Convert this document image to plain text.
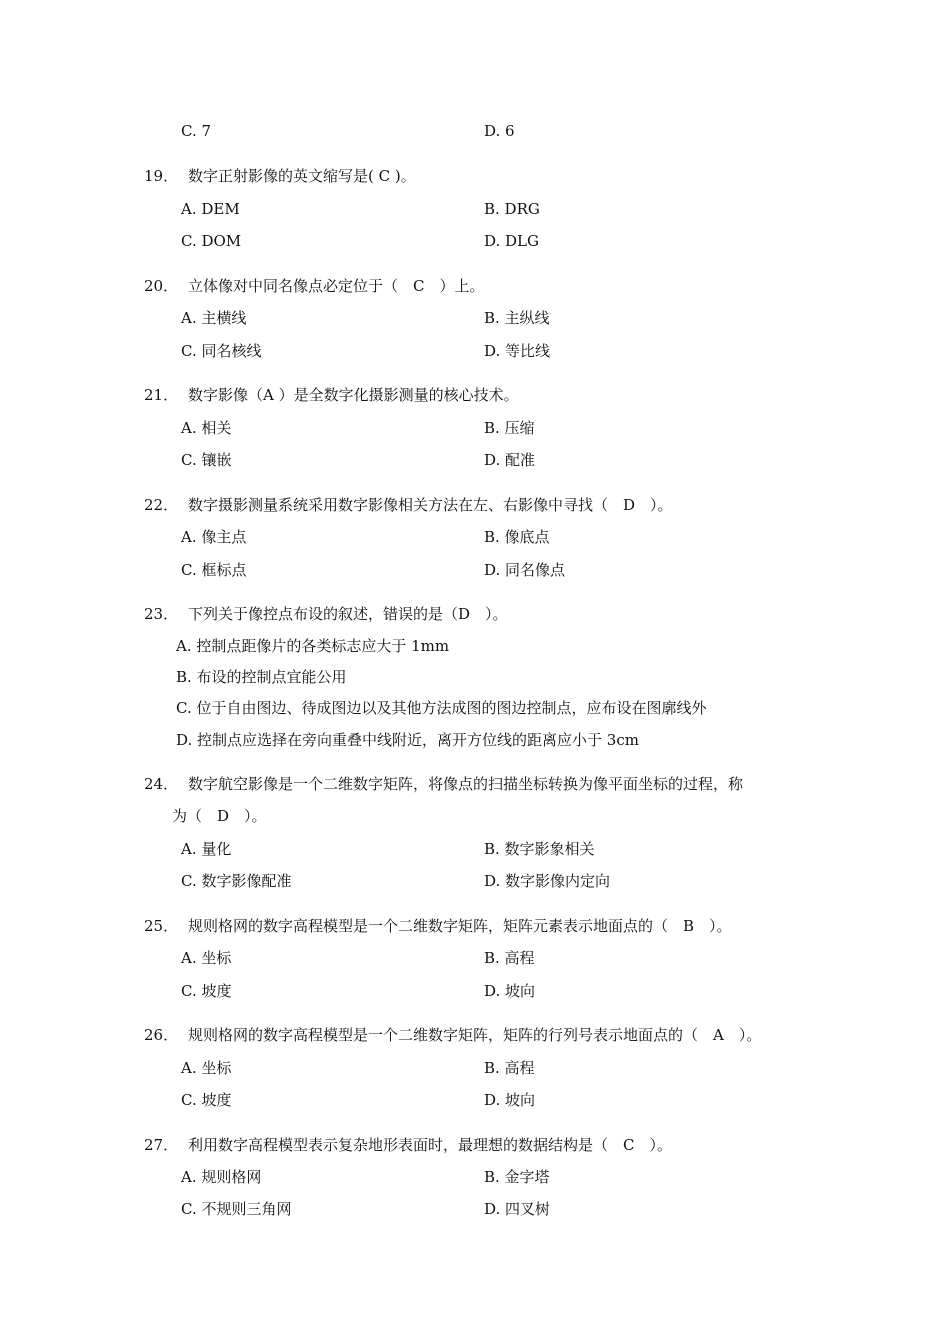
C. 7	D. 6
19． 数字正射影像的英文缩写是( C )。
A. DEM	B. DRG
C. DOM	D. DLG
20． 立体像对中同名像点必定位于（　C　）上。
A. 主横线	B. 主纵线
C. 同名核线	D. 等比线
21． 数字影像（A ）是全数字化摄影测量的核心技术。
A. 相关	B. 压缩
C. 镶嵌	D. 配准
22． 数字摄影测量系统采用数字影像相关方法在左、右影像中寻找（　D　）。
A. 像主点	B. 像底点
C. 框标点	D. 同名像点
23． 下列关于像控点布设的叙述，错误的是（D　）。
A. 控制点距像片的各类标志应大于 1mm
B. 布设的控制点宜能公用
C. 位于自由图边、待成图边以及其他方法成图的图边控制点，应布设在图廓线外
D. 控制点应选择在旁向重叠中线附近，离开方位线的距离应小于 3cm
24． 数字航空影像是一个二维数字矩阵，将像点的扫描坐标转换为像平面坐标的过程，称
为（　D　）。
A. 量化	B. 数字影象相关
C. 数字影像配准	D. 数字影像内定向
25． 规则格网的数字高程模型是一个二维数字矩阵，矩阵元素表示地面点的（　B　）。
A. 坐标	B. 高程
C. 坡度	D. 坡向
26． 规则格网的数字高程模型是一个二维数字矩阵，矩阵的行列号表示地面点的（　A　）。
A. 坐标	B. 高程
C. 坡度	D. 坡向
27． 利用数字高程模型表示复杂地形表面时，最理想的数据结构是（　C　）。
A. 规则格网	B. 金字塔
C. 不规则三角网	D. 四叉树
